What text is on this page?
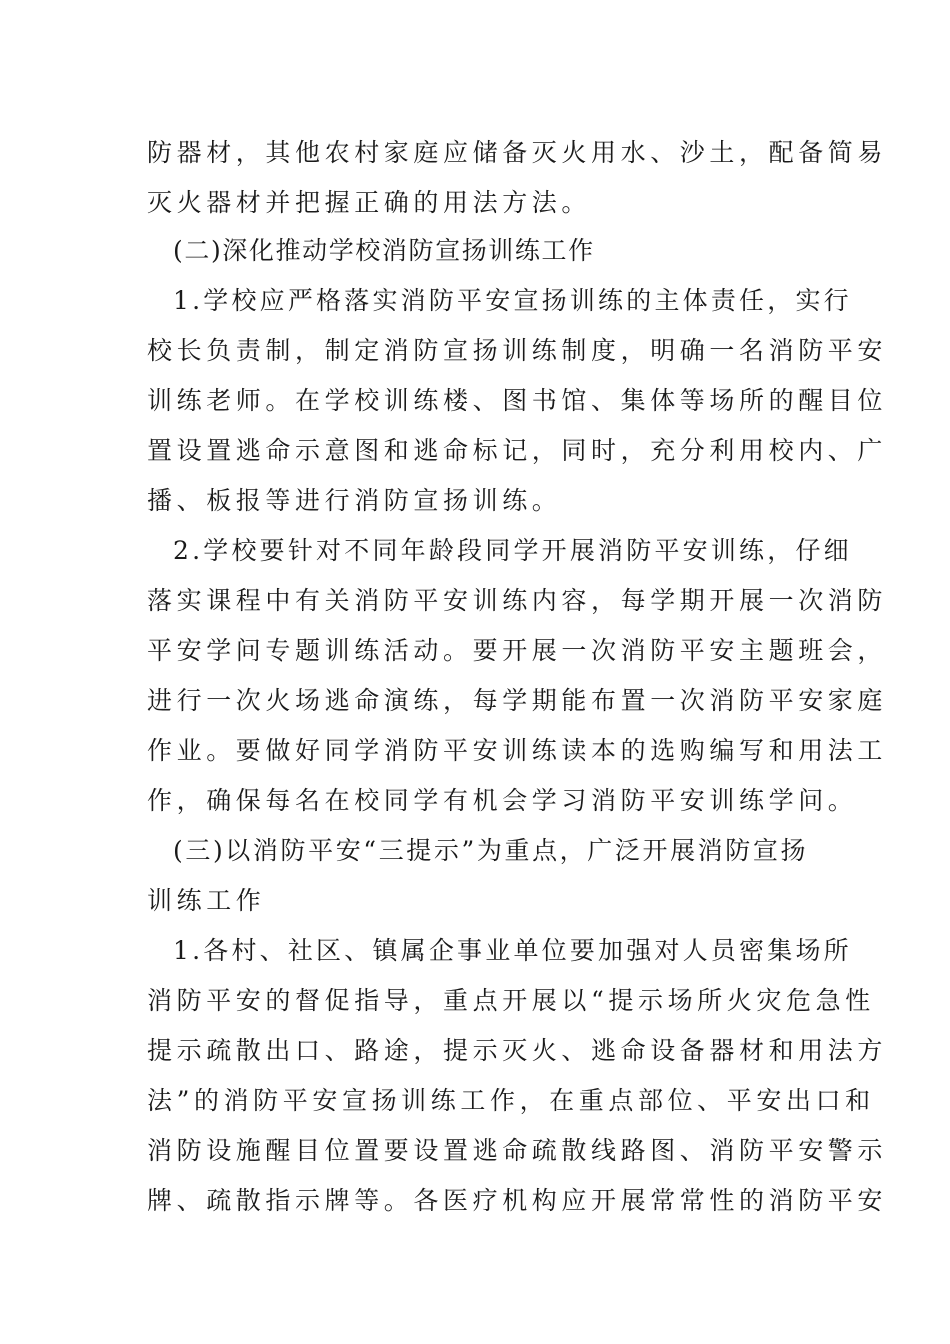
防器材，其他农村家庭应储备灭火用水、沙土，配备简易

灭火器材并把握正确的用法方法。

(二)深化推动学校消防宣扬训练工作

1.学校应严格落实消防平安宣扬训练的主体责任，实行

校长负责制，制定消防宣扬训练制度，明确一名消防平安

训练老师。在学校训练楼、图书馆、集体等场所的醒目位

置设置逃命示意图和逃命标记，同时，充分利用校内、广

播、板报等进行消防宣扬训练。

2.学校要针对不同年龄段同学开展消防平安训练，仔细

落实课程中有关消防平安训练内容，每学期开展一次消防

平安学问专题训练活动。要开展一次消防平安主题班会，

进行一次火场逃命演练，每学期能布置一次消防平安家庭

作业。要做好同学消防平安训练读本的选购编写和用法工

作，确保每名在校同学有机会学习消防平安训练学问。

(三)以消防平安“三提示”为重点，广泛开展消防宣扬

训练工作

1.各村、社区、镇属企事业单位要加强对人员密集场所

消防平安的督促指导，重点开展以“提示场所火灾危急性

提示疏散出口、路途，提示灭火、逃命设备器材和用法方

法”的消防平安宣扬训练工作，在重点部位、平安出口和

消防设施醒目位置要设置逃命疏散线路图、消防平安警示

牌、疏散指示牌等。各医疗机构应开展常常性的消防平安
